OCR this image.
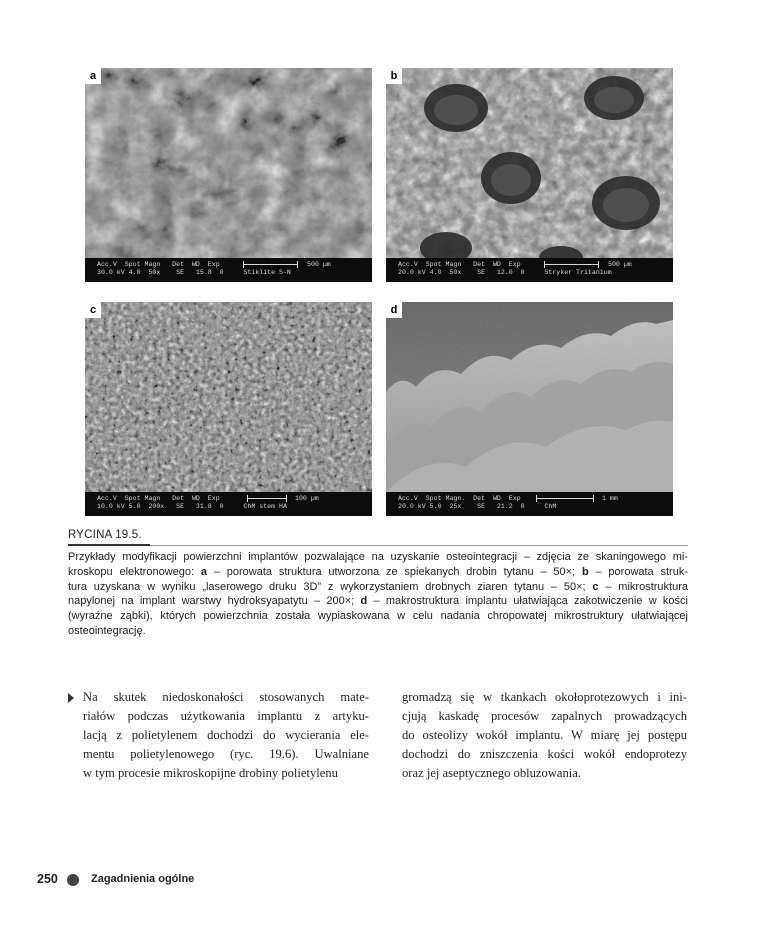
a
Acc.V  Spot Magn   Det  WD  Exp
30.0 kV 4.0  50x    SE   15.8  0     Stiklite S-N
500 µm
b
Acc.V  Spot Magn   Det  WD  Exp
20.0 kV 4.0  50x    SE   12.0  0     Stryker Tritanium
500 µm
c
Acc.V  Spot Magn   Det  WD  Exp
10.0 kV 5.0  200x   SE   31.8  0     ChM stem HA
100 µm
d
Acc.V  Spot Magn.  Det  WD  Exp
20.0 kV 5.0  25x    SE   21.2  0     ChM
1 mm
RYCINA 19.5.
Przykłady modyfikacji powierzchni implantów pozwalające na uzyskanie osteointegracji – zdjęcia ze skaningowego mi-
kroskopu elektronowego: a – porowata struktura utworzona ze spiekanych drobin tytanu – 50×; b – porowata struk-
tura uzyskana w wyniku „laserowego druku 3D” z wykorzystaniem drobnych ziaren tytanu – 50×; c – mikrostruktura
napylonej na implant warstwy hydroksyapatytu – 200×; d – makrostruktura implantu ułatwiająca zakotwiczenie w kości
(wyraźne ząbki), których powierzchnia została wypiaskowana w celu nadania chropowatej mikrostruktury ułatwiającej
osteointegrację.
Na skutek niedoskonałości stosowanych mate-
riałów podczas użytkowania implantu z artyku-
lacją z polietylenem dochodzi do wycierania ele-
mentu polietylenowego (ryc. 19.6). Uwalniane
w tym procesie mikroskopijne drobiny polietylenu
gromadzą się w tkankach okołoprotezowych i ini-
cjują kaskadę procesów zapalnych prowadzących
do osteolizy wokół implantu. W miarę jej postępu
dochodzi do zniszczenia kości wokół endoprotezy
oraz jej aseptycznego obluzowania.
250	Zagadnienia ogólne
